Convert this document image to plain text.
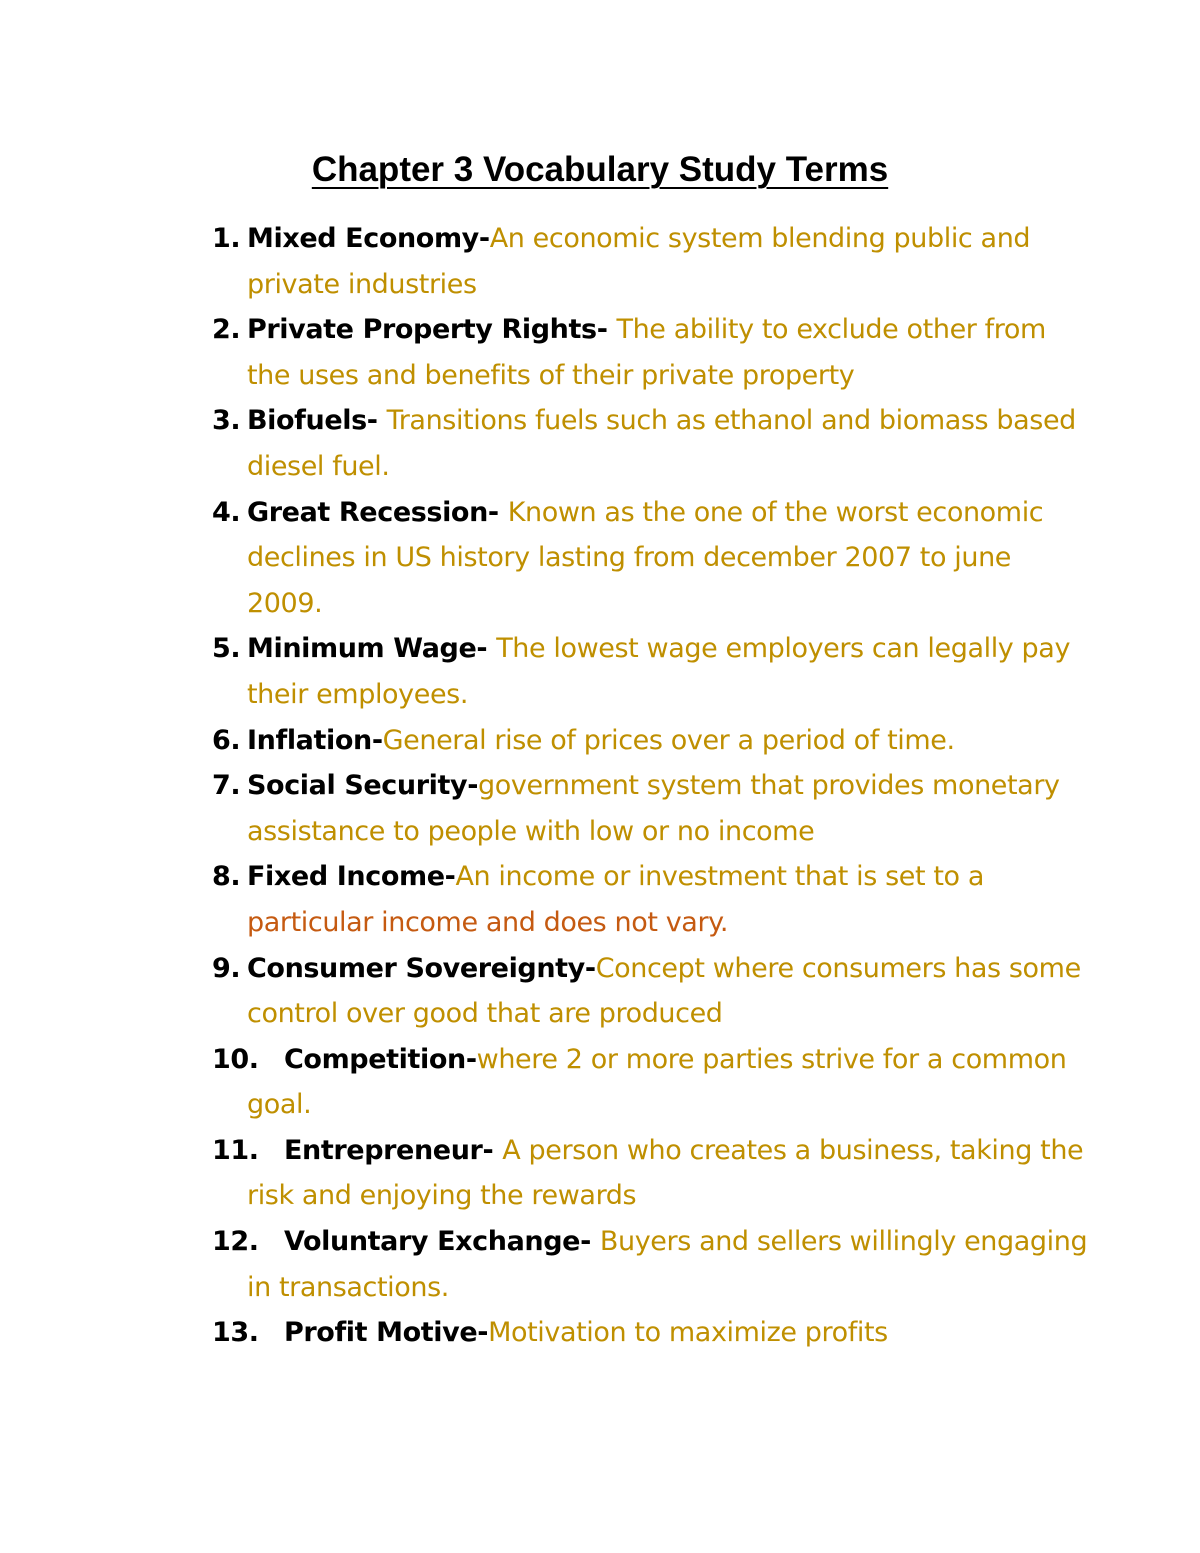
Chapter 3 Vocabulary Study Terms
1. Mixed Economy-An economic system blending public and private industries
2. Private Property Rights- The ability to exclude other from the uses and benefits of their private property
3. Biofuels- Transitions fuels such as ethanol and biomass based diesel fuel.
4. Great Recession- Known as the one of the worst economic declines in US history lasting from december 2007 to june 2009.
5. Minimum Wage- The lowest wage employers can legally pay their employees.
6. Inflation-General rise of prices over a period of time.
7. Social Security-government system that provides monetary assistance to people with low or no income
8. Fixed Income-An income or investment that is set to a
particular income and does not vary.
9. Consumer Sovereignty-Concept where consumers has some control over good that are produced
10. Competition-where 2 or more parties strive for a common goal.
11. Entrepreneur- A person who creates a business, taking the risk and enjoying the rewards
12. Voluntary Exchange- Buyers and sellers willingly engaging in transactions.
13. Profit Motive-Motivation to maximize profits
